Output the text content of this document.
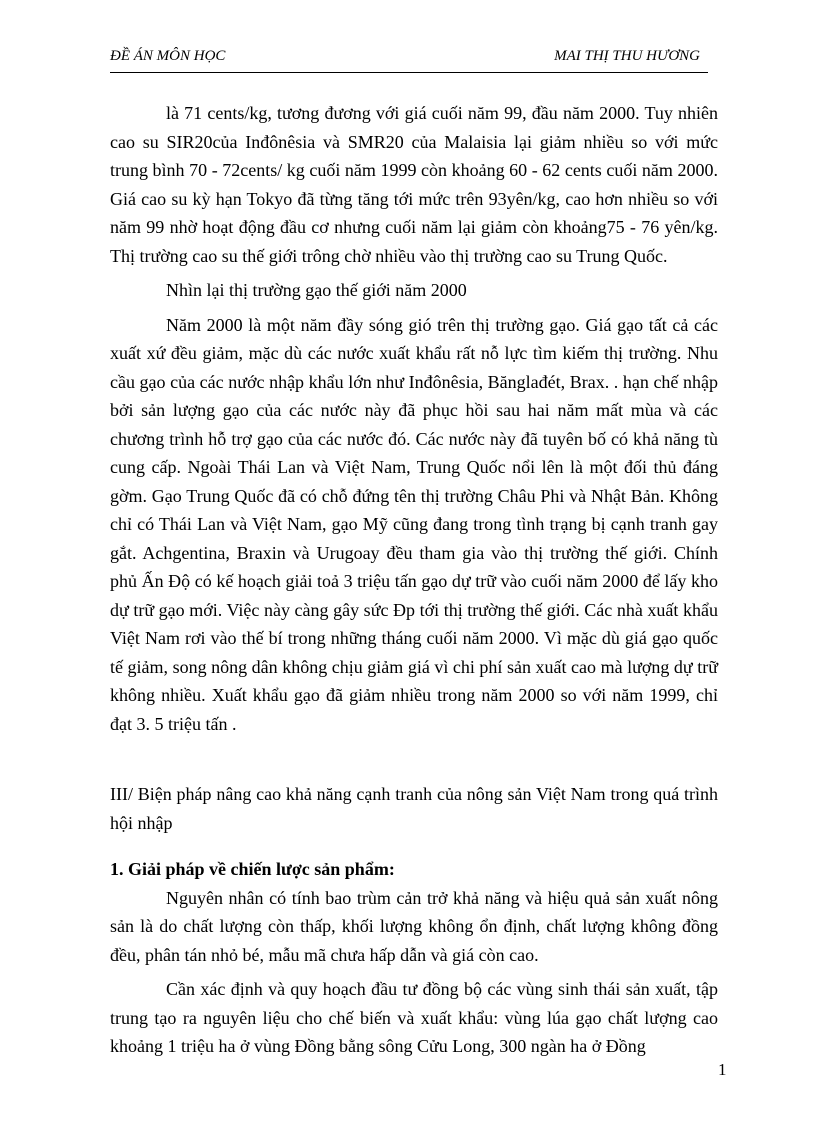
ĐỀ ÁN MÔN HỌC	MAI THỊ THU HƯƠNG

là 71 cents/kg, tương đương với giá cuối năm 99, đầu năm 2000. Tuy nhiên cao su SIR20của Inđônêsia và SMR20 của Malaisia lại giảm nhiều so với mức trung bình 70 - 72cents/ kg cuối năm 1999 còn khoảng 60 - 62 cents cuối năm 2000. Giá cao su kỳ hạn Tokyo đã từng tăng tới mức trên 93yên/kg, cao hơn nhiều so với năm 99 nhờ hoạt động đầu cơ nhưng cuối năm lại giảm còn khoảng75 - 76 yên/kg. Thị trường cao su thế giới trông chờ nhiều vào thị trường cao su Trung Quốc.

Nhìn lại thị trường gạo thế giới năm 2000

Năm 2000 là một năm đầy sóng gió trên thị trường gạo. Giá gạo tất cả các xuất xứ đều giảm, mặc dù các nước xuất khẩu rất nỗ lực tìm kiếm thị trường. Nhu cầu gạo của các nước nhập khẩu lớn như Inđônêsia, Bănglađét, Brax. . hạn chế nhập bởi sản lượng gạo của các nước này đã phục hồi sau hai năm mất mùa và các chương trình hỗ trợ gạo của các nước đó. Các nước này đã tuyên bố có khả năng tù cung cấp. Ngoài Thái Lan và Việt Nam, Trung Quốc nổi lên là một đối thủ đáng gờm. Gạo Trung Quốc đã có chỗ đứng tên thị trường Châu Phi và Nhật Bản. Không chỉ có Thái Lan và Việt Nam, gạo Mỹ cũng đang trong tình trạng bị cạnh tranh gay gắt. Achgentina, Braxin và Urugoay đều tham gia vào thị trường thế giới. Chính phủ Ấn Độ có kế hoạch giải toả 3 triệu tấn gạo dự trữ vào cuối năm 2000 để lấy kho dự trữ gạo mới. Việc này càng gây sức Ðp tới thị trường thế giới. Các nhà xuất khẩu Việt Nam rơi vào thế bí trong những tháng cuối năm 2000. Vì mặc dù giá gạo quốc tế giảm, song nông dân không chịu giảm giá vì chi phí sản xuất cao mà lượng dự trữ không nhiều. Xuất khẩu gạo đã giảm nhiều trong năm 2000 so với năm 1999, chỉ đạt 3. 5 triệu tấn .

III/ Biện pháp nâng cao khả năng cạnh tranh của nông sản Việt Nam trong quá trình hội nhập

1. Giải pháp về chiến lược sản phẩm:

Nguyên nhân có tính bao trùm cản trở khả năng và hiệu quả sản xuất nông sản là do chất lượng còn thấp, khối lượng không ổn định, chất lượng không đồng đều, phân tán nhỏ bé, mẫu mã chưa hấp dẫn và giá còn cao.

Cần xác định và quy hoạch đầu tư đồng bộ các vùng sinh thái sản xuất, tập trung tạo ra nguyên liệu cho chế biến và xuất khẩu: vùng lúa gạo chất lượng cao khoảng 1 triệu ha ở vùng Đồng bằng sông Cửu Long, 300 ngàn ha ở Đồng

1
